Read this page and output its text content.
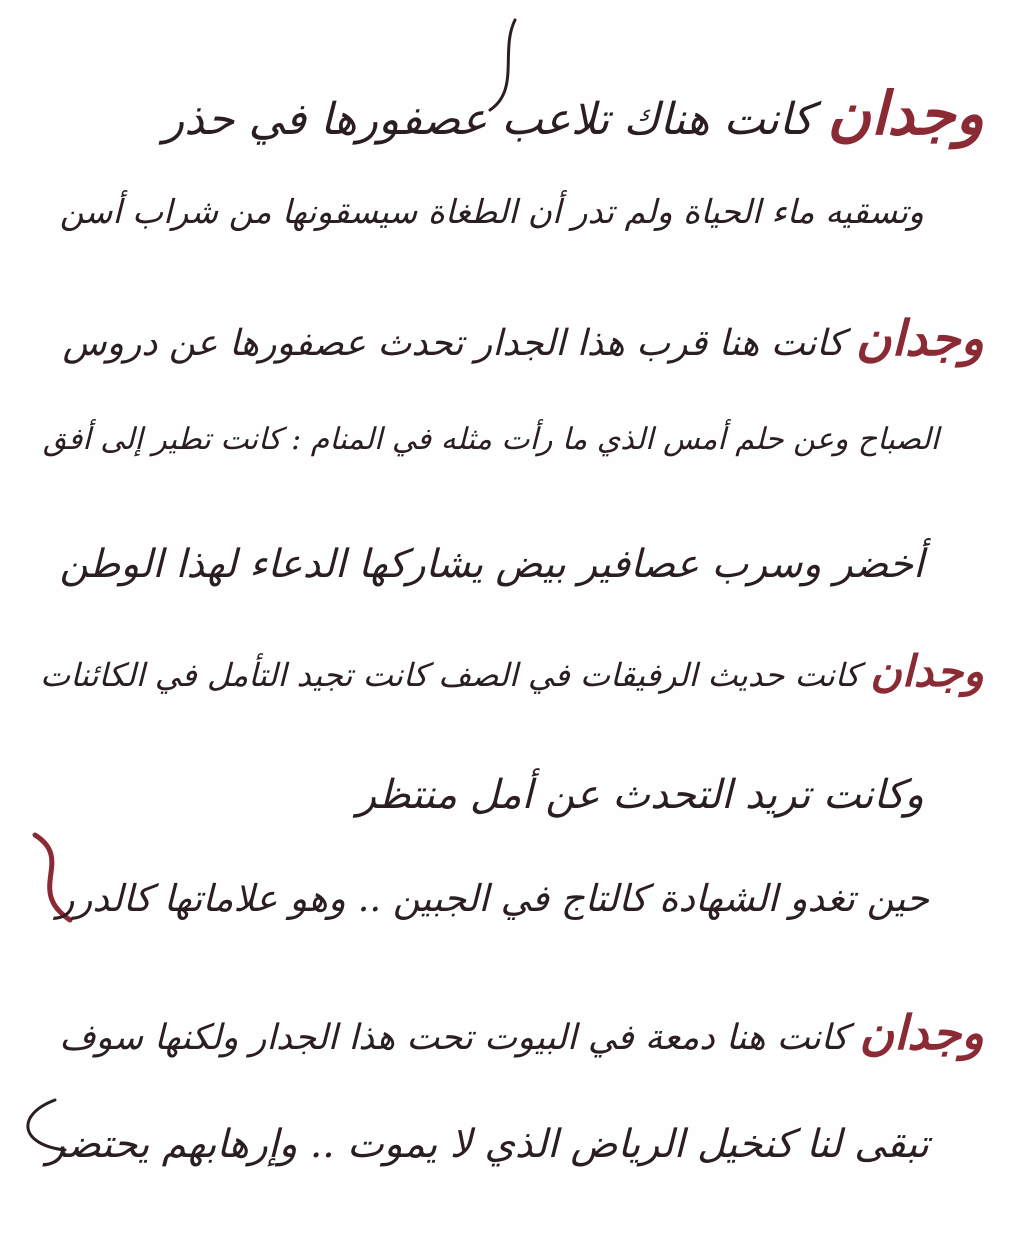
وجدان كانت هناك تلاعب عصفورها في حذر
وتسقيه ماء الحياة ولم تدر أن الطغاة سيسقونها من شراب أسن
وجدان كانت هنا قرب هذا الجدار تحدث عصفورها عن دروس
الصباح وعن حلم أمس الذي ما رأت مثله في المنام : كانت تطير إلى أفق
أخضر وسرب عصافير بيض يشاركها الدعاء لهذا الوطن
وجدان كانت حديث الرفيقات في الصف كانت تجيد التأمل في الكائنات
وكانت تريد التحدث عن أمل منتظر
حين تغدو الشهادة كالتاج في الجبين .. وهو علاماتها كالدرر
وجدان كانت هنا دمعة في البيوت تحت هذا الجدار ولكنها سوف
تبقى لنا كنخيل الرياض الذي لا يموت .. وإرهابهم يحتضر
